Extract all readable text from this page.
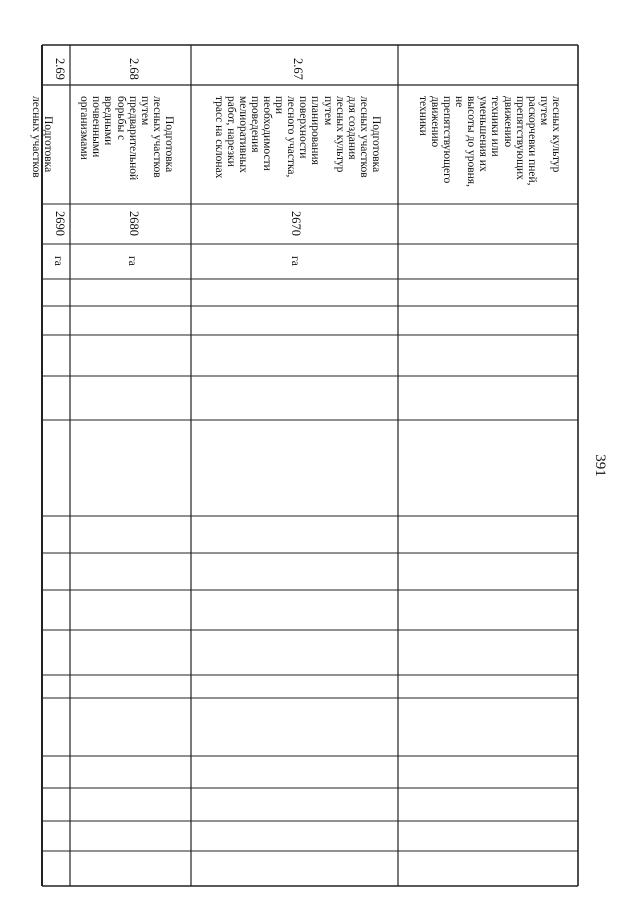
391

лесных культур
путем
раскорчевки пней,
препятствующих
движению
техники или
уменьшения их
высоты до уровня,
не
препятствующего
движению
техники

2.67

Подготовка
лесных участков
для создания
лесных культур
путем
планирования
поверхности
лесного участка,
при
необходимости
проведения
мелиоративных
работ, нарезки
трасс на склонах

2670
га
2.68

Подготовка
лесных участков
путем
предварительной
борьбы с
вредными
почвенными
организмами

2680
га
2.69

Подготовка
лесных участков

2690
га
